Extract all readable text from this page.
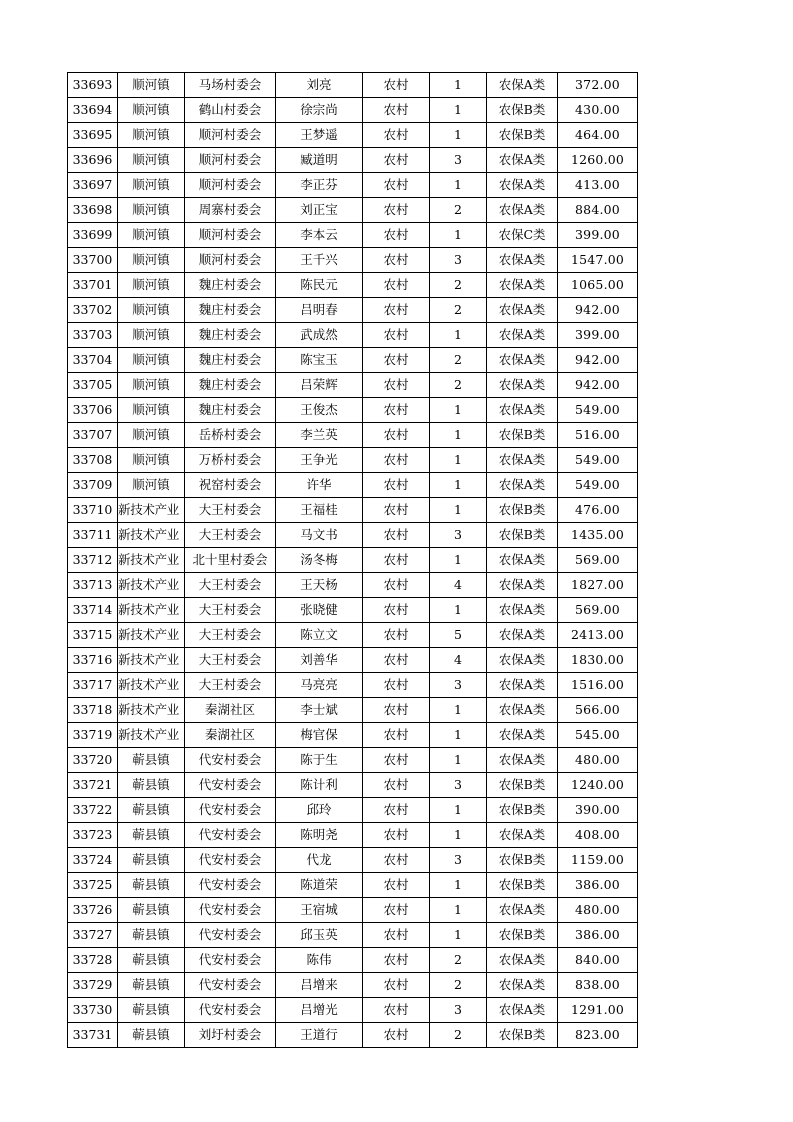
33693	顺河镇	马场村委会	刘亮	农村	1	农保A类	372.00
33694	顺河镇	鹤山村委会	徐宗尚	农村	1	农保B类	430.00
33695	顺河镇	顺河村委会	王梦遥	农村	1	农保B类	464.00
33696	顺河镇	顺河村委会	臧道明	农村	3	农保A类	1260.00
33697	顺河镇	顺河村委会	李正芬	农村	1	农保A类	413.00
33698	顺河镇	周寨村委会	刘正宝	农村	2	农保A类	884.00
33699	顺河镇	顺河村委会	李本云	农村	1	农保C类	399.00
33700	顺河镇	顺河村委会	王千兴	农村	3	农保A类	1547.00
33701	顺河镇	魏庄村委会	陈民元	农村	2	农保A类	1065.00
33702	顺河镇	魏庄村委会	吕明春	农村	2	农保A类	942.00
33703	顺河镇	魏庄村委会	武成然	农村	1	农保A类	399.00
33704	顺河镇	魏庄村委会	陈宝玉	农村	2	农保A类	942.00
33705	顺河镇	魏庄村委会	吕荣辉	农村	2	农保A类	942.00
33706	顺河镇	魏庄村委会	王俊杰	农村	1	农保A类	549.00
33707	顺河镇	岳桥村委会	李兰英	农村	1	农保B类	516.00
33708	顺河镇	万桥村委会	王争光	农村	1	农保A类	549.00
33709	顺河镇	祝窑村委会	许华	农村	1	农保A类	549.00
33710	新技术产业	大王村委会	王福桂	农村	1	农保B类	476.00
33711	新技术产业	大王村委会	马文书	农村	3	农保B类	1435.00
33712	新技术产业	北十里村委会	汤冬梅	农村	1	农保A类	569.00
33713	新技术产业	大王村委会	王天杨	农村	4	农保A类	1827.00
33714	新技术产业	大王村委会	张晓健	农村	1	农保A类	569.00
33715	新技术产业	大王村委会	陈立文	农村	5	农保A类	2413.00
33716	新技术产业	大王村委会	刘善华	农村	4	农保A类	1830.00
33717	新技术产业	大王村委会	马亮亮	农村	3	农保A类	1516.00
33718	新技术产业	秦湖社区	李士斌	农村	1	农保A类	566.00
33719	新技术产业	秦湖社区	梅官保	农村	1	农保A类	545.00
33720	蕲县镇	代安村委会	陈于生	农村	1	农保A类	480.00
33721	蕲县镇	代安村委会	陈计利	农村	3	农保B类	1240.00
33722	蕲县镇	代安村委会	邱玲	农村	1	农保B类	390.00
33723	蕲县镇	代安村委会	陈明尧	农村	1	农保A类	408.00
33724	蕲县镇	代安村委会	代龙	农村	3	农保B类	1159.00
33725	蕲县镇	代安村委会	陈道荣	农村	1	农保B类	386.00
33726	蕲县镇	代安村委会	王宿城	农村	1	农保A类	480.00
33727	蕲县镇	代安村委会	邱玉英	农村	1	农保B类	386.00
33728	蕲县镇	代安村委会	陈伟	农村	2	农保A类	840.00
33729	蕲县镇	代安村委会	吕增来	农村	2	农保A类	838.00
33730	蕲县镇	代安村委会	吕增光	农村	3	农保A类	1291.00
33731	蕲县镇	刘圩村委会	王道行	农村	2	农保B类	823.00
